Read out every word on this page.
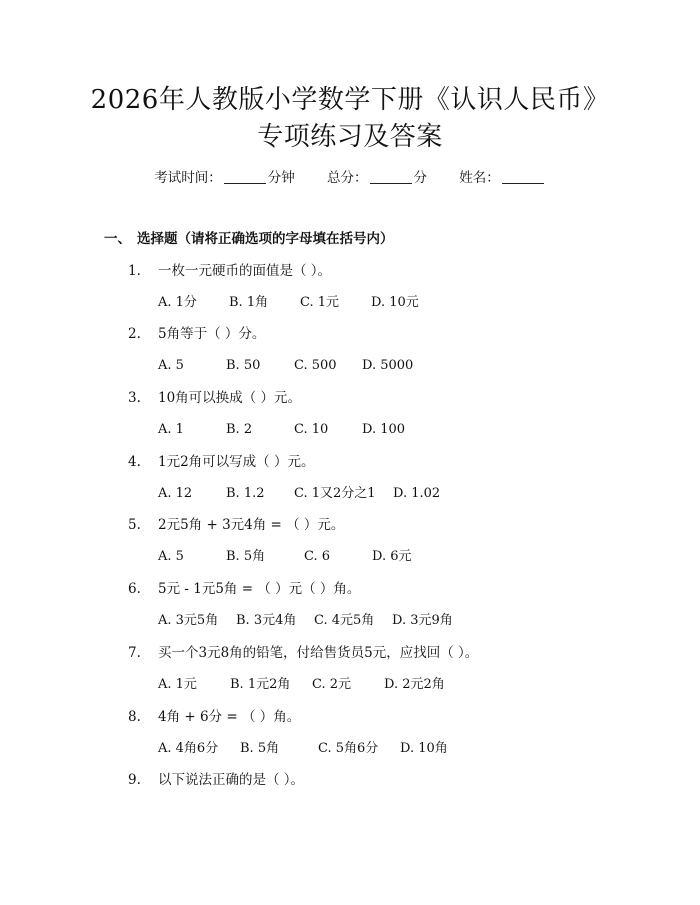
2026年人教版小学数学下册《认识人民币》
专项练习及答案
考试时间：	分钟 总分：	分 姓名：
一、 选择题（请将正确选项的字母填在括号内）
1. 一枚一元硬币的面值是（ ）。
A. 1分 B. 1角 C. 1元 D. 10元
2. 5角等于（ ）分。
A. 5	B. 50	C. 500 D. 5000
3. 10角可以换成（ ）元。
A. 1	B. 2	C. 10	D. 100
4. 1元2角可以写成（ ）元。
A. 12	B. 1.2 C. 1又2分之1 D. 1.02
5. 2元5角 + 3元4角 = （ ）元。
A. 5	B. 5角	C. 6	D. 6元
6. 5元 - 1元5角 = （ ）元（ ）角。
A. 3元5角 B. 3元4角 C. 4元5角 D. 3元9角
7. 买一个3元8角的铅笔，付给售货员5元，应找回（ ）。
A. 1元	B. 1元2角 C. 2元	D. 2元2角
8. 4角 + 6分 = （ ）角。
A. 4角6分 B. 5角	C. 5角6分 D. 10角
9. 以下说法正确的是（ ）。
